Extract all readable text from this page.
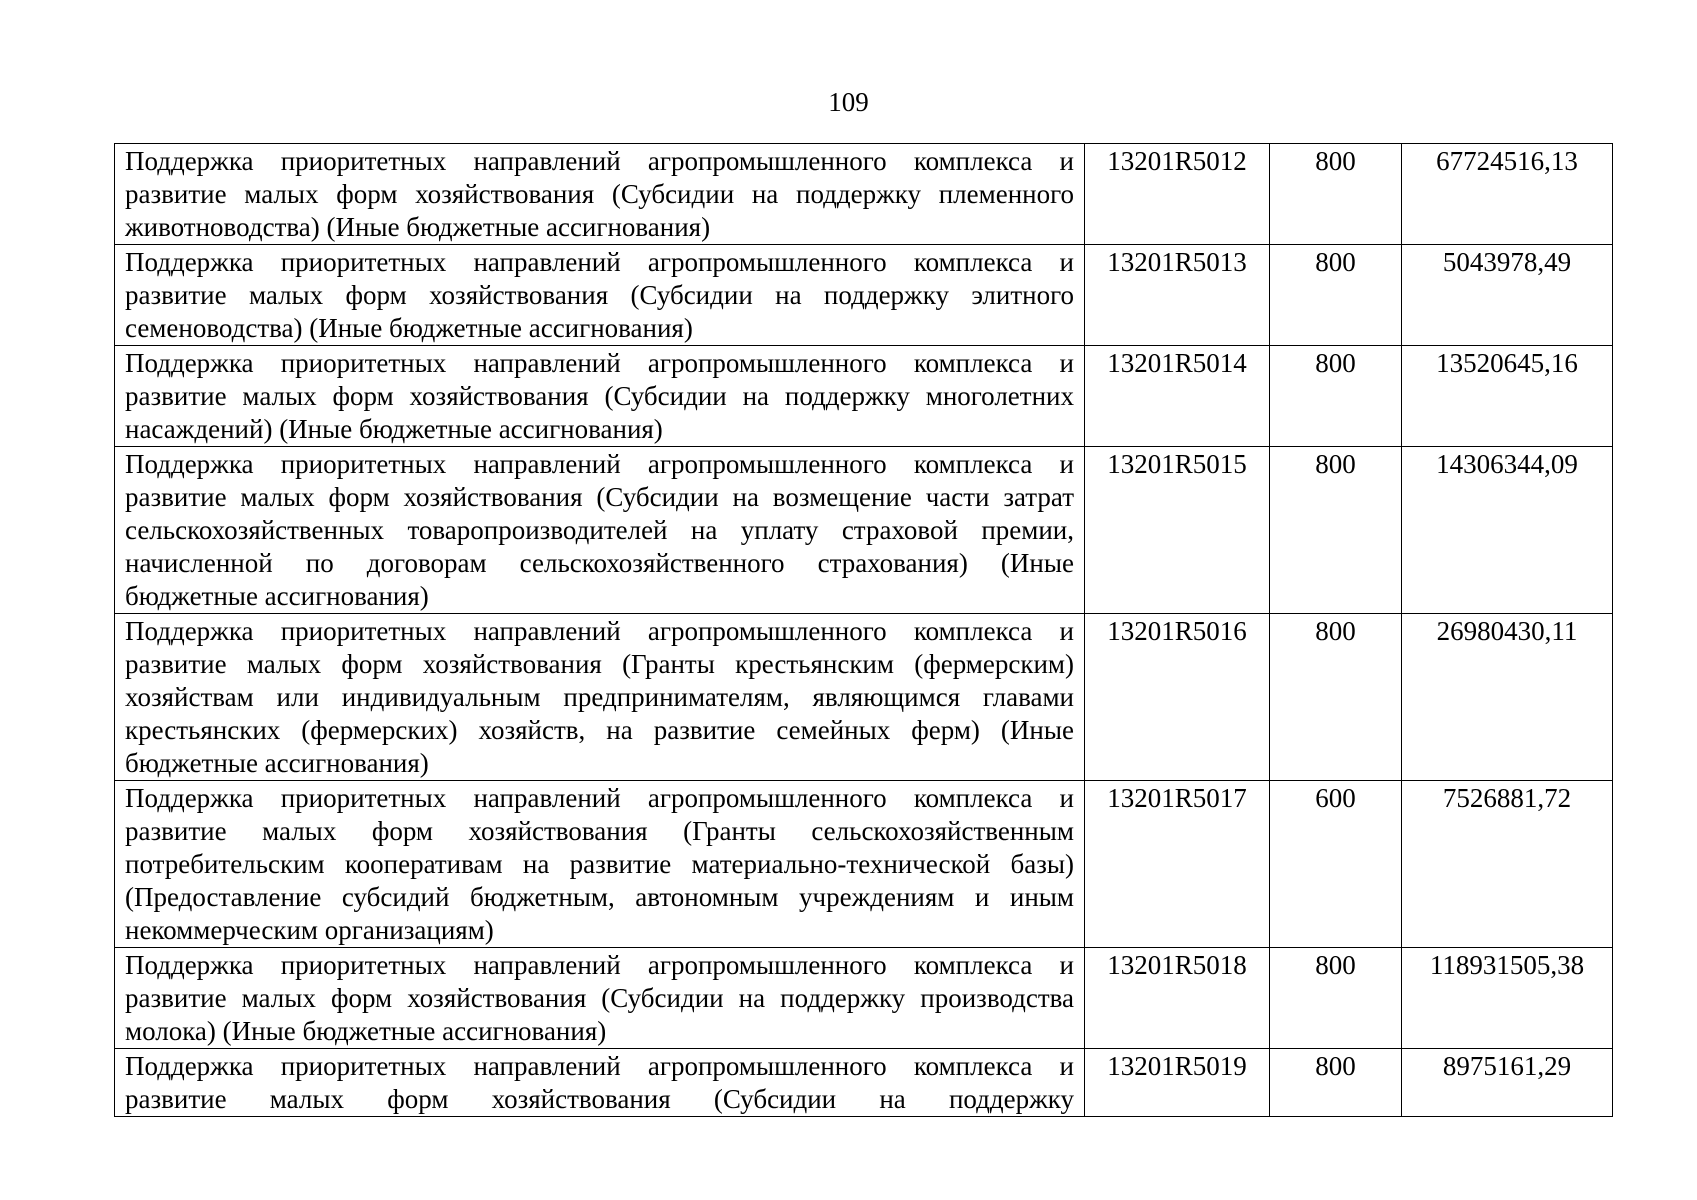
109
Поддержка приоритетных направлений агропромышленного комплекса и развитие малых форм хозяйствования (Субсидии на поддержку племенного животноводства) (Иные бюджетные ассигнования)	13201R5012	800	67724516,13
Поддержка приоритетных направлений агропромышленного комплекса и развитие малых форм хозяйствования (Субсидии на поддержку элитного семеноводства) (Иные бюджетные ассигнования)	13201R5013	800	5043978,49
Поддержка приоритетных направлений агропромышленного комплекса и развитие малых форм хозяйствования (Субсидии на поддержку многолетних насаждений) (Иные бюджетные ассигнования)	13201R5014	800	13520645,16
Поддержка приоритетных направлений агропромышленного комплекса и развитие малых форм хозяйствования (Субсидии на возмещение части затрат сельскохозяйственных товаропроизводителей на уплату страховой премии, начисленной по договорам сельскохозяйственного страхования) (Иные бюджетные ассигнования)	13201R5015	800	14306344,09
Поддержка приоритетных направлений агропромышленного комплекса и развитие малых форм хозяйствования (Гранты крестьянским (фермерским) хозяйствам или индивидуальным предпринимателям, являющимся главами крестьянских (фермерских) хозяйств, на развитие семейных ферм) (Иные бюджетные ассигнования)	13201R5016	800	26980430,11
Поддержка приоритетных направлений агропромышленного комплекса и развитие малых форм хозяйствования (Гранты сельскохозяйственным потребительским кооперативам на развитие материально-технической базы) (Предоставление субсидий бюджетным, автономным учреждениям и иным некоммерческим организациям)	13201R5017	600	7526881,72
Поддержка приоритетных направлений агропромышленного комплекса и развитие малых форм хозяйствования (Субсидии на поддержку производства молока) (Иные бюджетные ассигнования)	13201R5018	800	118931505,38
Поддержка приоритетных направлений агропромышленного комплекса и развитие малых форм хозяйствования (Субсидии на поддержку	13201R5019	800	8975161,29
